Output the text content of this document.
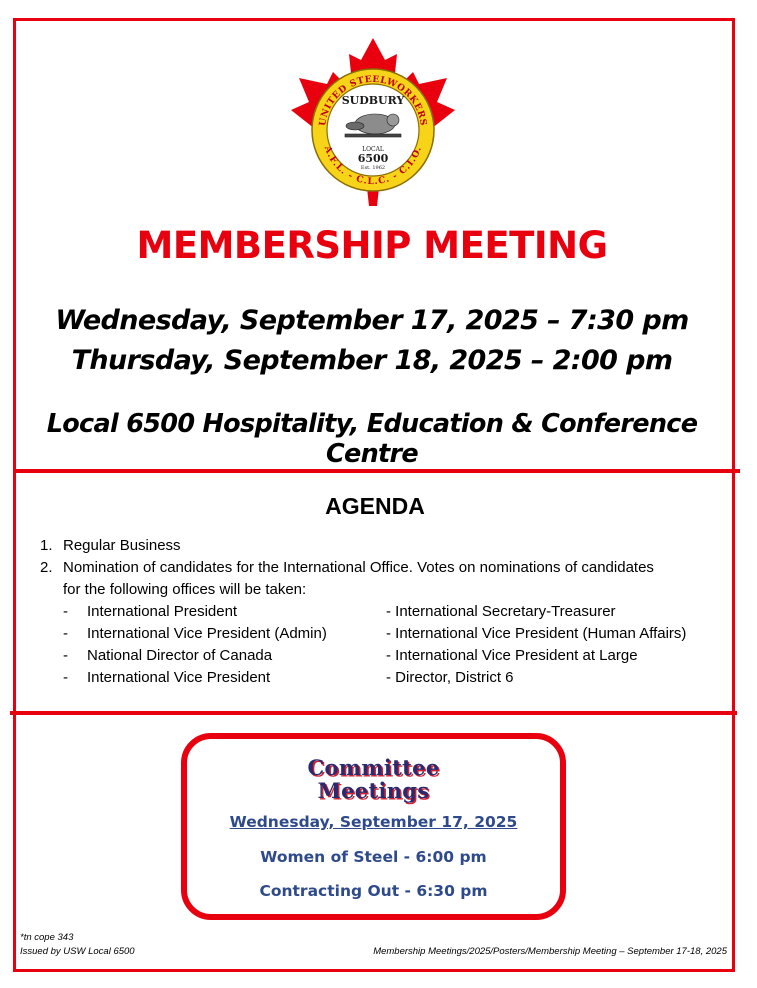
UNITED STEELWORKERS
A.F.L. - C.L.C. - C.I.O.
SUDBURY
LOCAL
6500
Est. 1962
MEMBERSHIP MEETING

Wednesday, September 17, 2025 – 7:30 pm

Thursday, September 18, 2025 – 2:00 pm

Local 6500 Hospitality, Education & Conference Centre

AGENDA
1. Regular Business
2. Nomination of candidates for the International Office. Votes on nominations of candidates
for the following offices will be taken:
- International President	- International Secretary-Treasurer
- International Vice President (Admin)	- International Vice President (Human Affairs)
- National Director of Canada	- International Vice President at Large
- International Vice President	- Director, District 6
Committee
Meetings

Wednesday, September 17, 2025

Women of Steel - 6:00 pm

Contracting Out - 6:30 pm

*tn cope 343
Issued by USW Local 6500	Membership Meetings/2025/Posters/Membership Meeting – September 17-18, 2025
